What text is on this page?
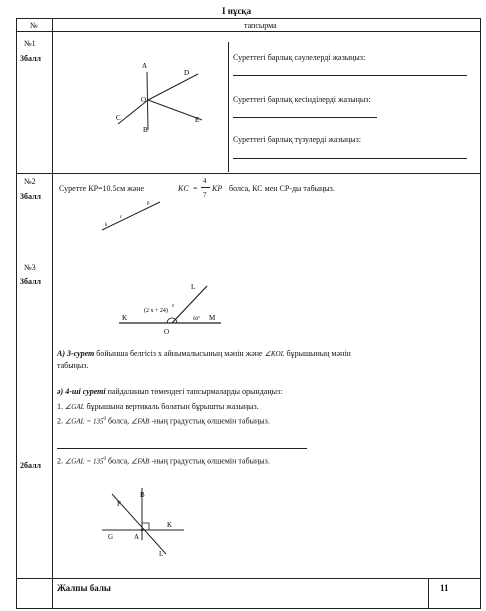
I нұсқа
№	тапсырма
№1
3балл
A
D
O
C	E
B
Суреттегі барлық сәулелерді жазыңыз:
Суреттегі барлық кесінділерді жазыңыз:
Суреттегі барлық түзулерді жазыңыз:
№2
3балл
Суретте КР=10.5см және	KC =
4
7
KP болса, КС мен СР-ды табыңыз.
k
c
p
№3
3балл
L
K
O
M
(2 x + 24)
0
60°
А) 3-сурет бойынша белгісіз x айнымалысының мәнін және ∠KOL бұрышының мәнін
табыңыз.
ә) 4-ші суреті пайдаланып төмендегі тапсырмаларды орындаңыз:
1. ∠GAL бұрышына вертикаль болатын бұрышты жазыңыз.
2. ∠GAL = $135^0$ болса, ∠FAB -ның градустық өлшемін табыңыз.
2балл 2. ∠GAL = $135^0$ болса, ∠FAB -ның градустық өлшемін табыңыз.
B
F
K
G	A
L
Жалпы балы	11
